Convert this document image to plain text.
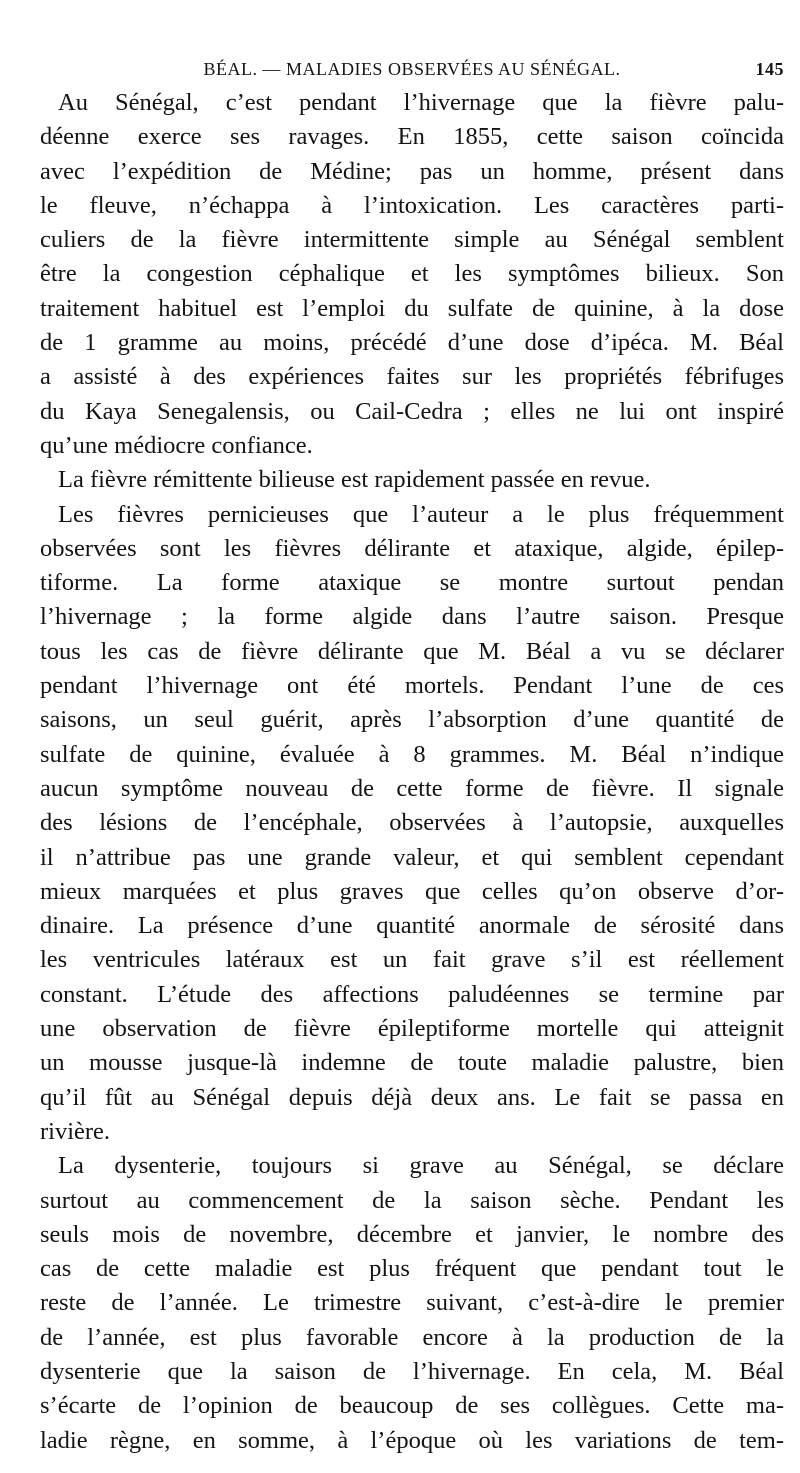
BÉAL. — MALADIES OBSERVÉES AU SÉNÉGAL.	145
Au Sénégal, c’est pendant l’hivernage que la fièvre palu-
déenne exerce ses ravages. En 1855, cette saison coïncida
avec l’expédition de Médine; pas un homme, présent dans
le fleuve, n’échappa à l’intoxication. Les caractères parti-
culiers de la fièvre intermittente simple au Sénégal semblent
être la congestion céphalique et les symptômes bilieux. Son
traitement habituel est l’emploi du sulfate de quinine, à la dose
de 1 gramme au moins, précédé d’une dose d’ipéca. M. Béal
a assisté à des expériences faites sur les propriétés fébrifuges
du Kaya Senegalensis, ou Cail-Cedra ; elles ne lui ont inspiré
qu’une médiocre confiance.
La fièvre rémittente bilieuse est rapidement passée en revue.
Les fièvres pernicieuses que l’auteur a le plus fréquemment
observées sont les fièvres délirante et ataxique, algide, épilep-
tiforme. La forme ataxique se montre surtout pendan
l’hivernage ; la forme algide dans l’autre saison. Presque
tous les cas de fièvre délirante que M. Béal a vu se déclarer
pendant l’hivernage ont été mortels. Pendant l’une de ces
saisons, un seul guérit, après l’absorption d’une quantité de
sulfate de quinine, évaluée à 8 grammes. M. Béal n’indique
aucun symptôme nouveau de cette forme de fièvre. Il signale
des lésions de l’encéphale, observées à l’autopsie, auxquelles
il n’attribue pas une grande valeur, et qui semblent cependant
mieux marquées et plus graves que celles qu’on observe d’or-
dinaire. La présence d’une quantité anormale de sérosité dans
les ventricules latéraux est un fait grave s’il est réellement
constant. L’étude des affections paludéennes se termine par
une observation de fièvre épileptiforme mortelle qui atteignit
un mousse jusque-là indemne de toute maladie palustre, bien
qu’il fût au Sénégal depuis déjà deux ans. Le fait se passa en
rivière.
La dysenterie, toujours si grave au Sénégal, se déclare
surtout au commencement de la saison sèche. Pendant les
seuls mois de novembre, décembre et janvier, le nombre des
cas de cette maladie est plus fréquent que pendant tout le
reste de l’année. Le trimestre suivant, c’est-à-dire le premier
de l’année, est plus favorable encore à la production de la
dysenterie que la saison de l’hivernage. En cela, M. Béal
s’écarte de l’opinion de beaucoup de ses collègues. Cette ma-
ladie règne, en somme, à l’époque où les variations de tem-
